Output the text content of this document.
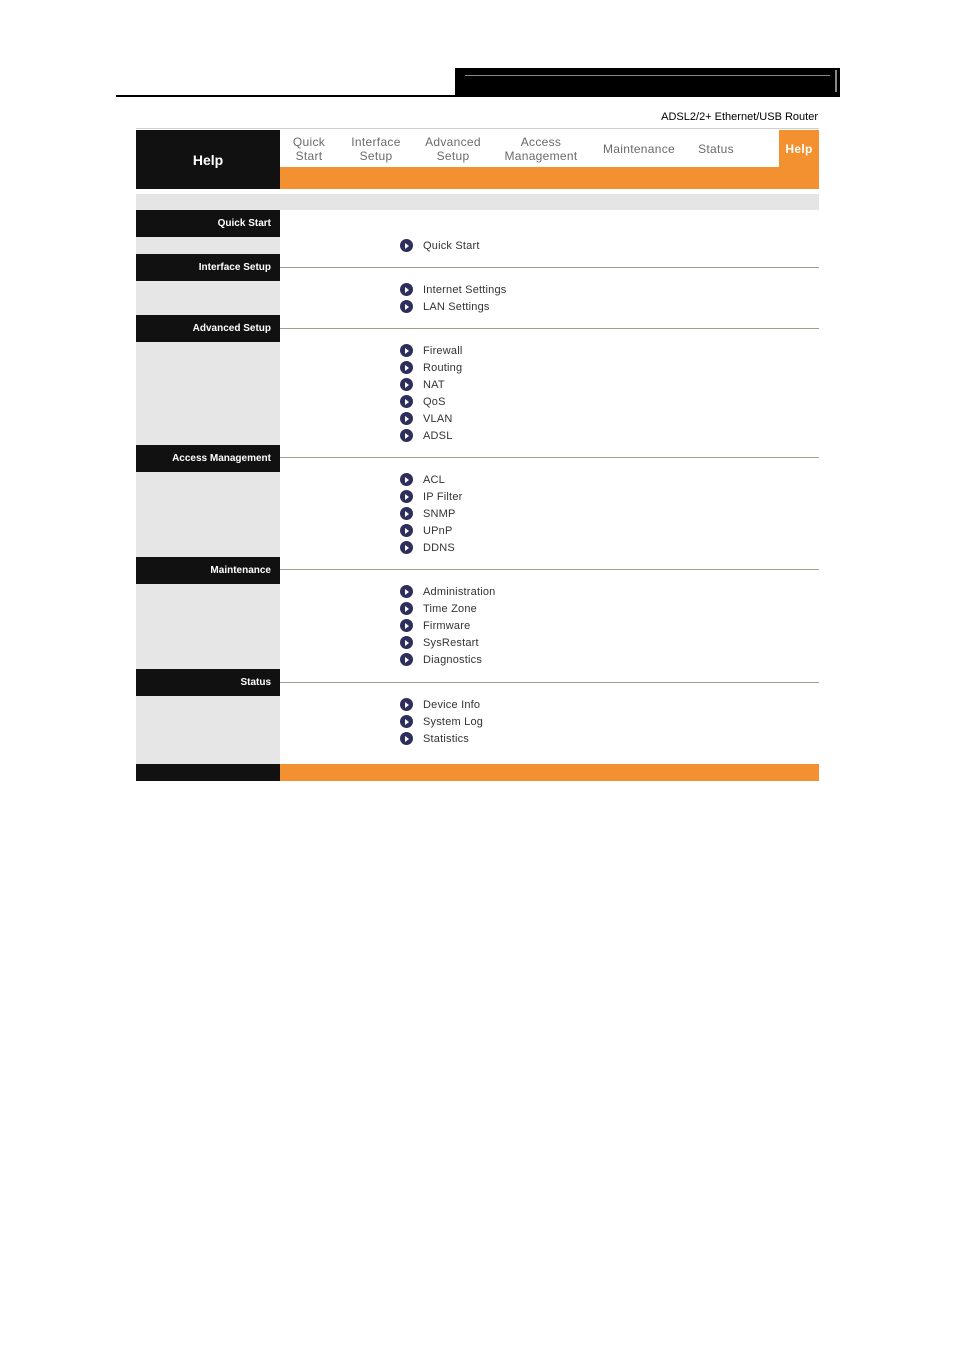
ADSL2/2+ Ethernet/USB Router
Help
Quick Start
Interface Setup
Advanced Setup
Access Management	Maintenance	Status	Help
Quick Start
Quick Start
Interface Setup
Internet Settings
LAN Settings
Advanced Setup
Firewall
Routing
NAT
QoS
VLAN
ADSL
Access Management
ACL
IP Filter
SNMP
UPnP
DDNS
Maintenance
Administration
Time Zone
Firmware
SysRestart
Diagnostics
Status
Device Info
System Log
Statistics
